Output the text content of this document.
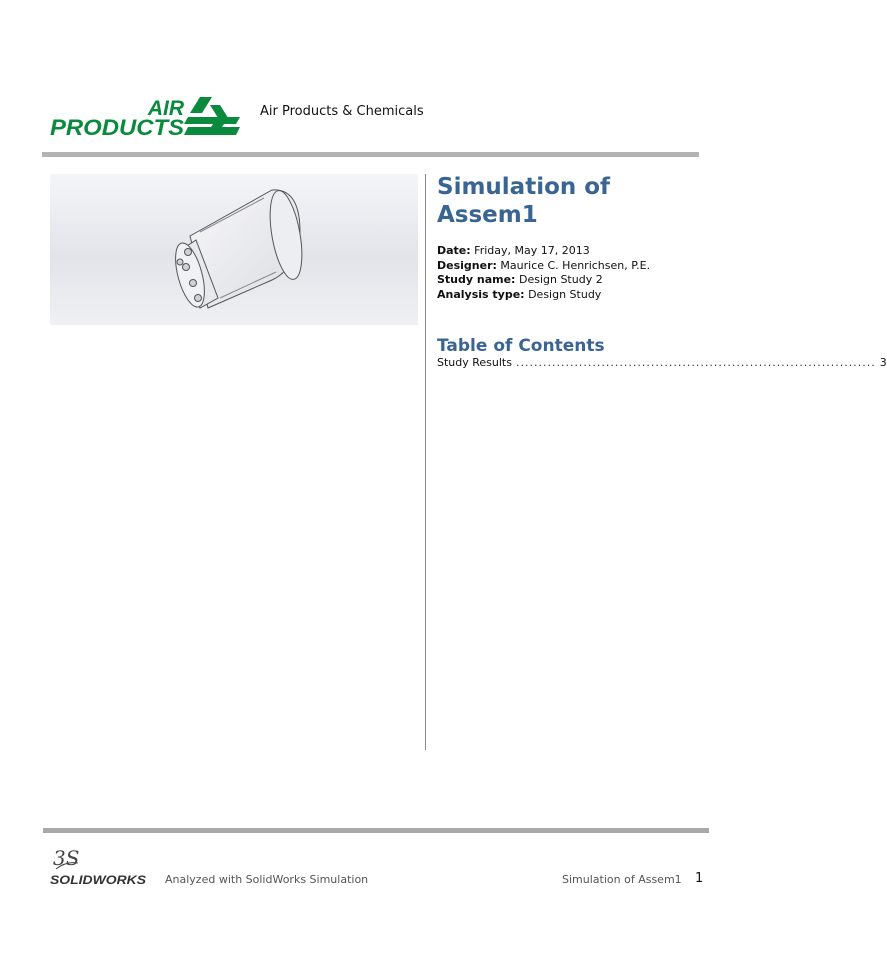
AIR
PRODUCTS
Air Products & Chemicals
Simulation of Assem1
Date: Friday, May 17, 2013
Designer: Maurice C. Henrichsen, P.E.
Study name: Design Study 2
Analysis type: Design Study
Table of Contents
Study Results ................................................................................ 3
3S
SOLIDWORKS Analyzed with SolidWorks Simulation	Simulation of Assem1 1
